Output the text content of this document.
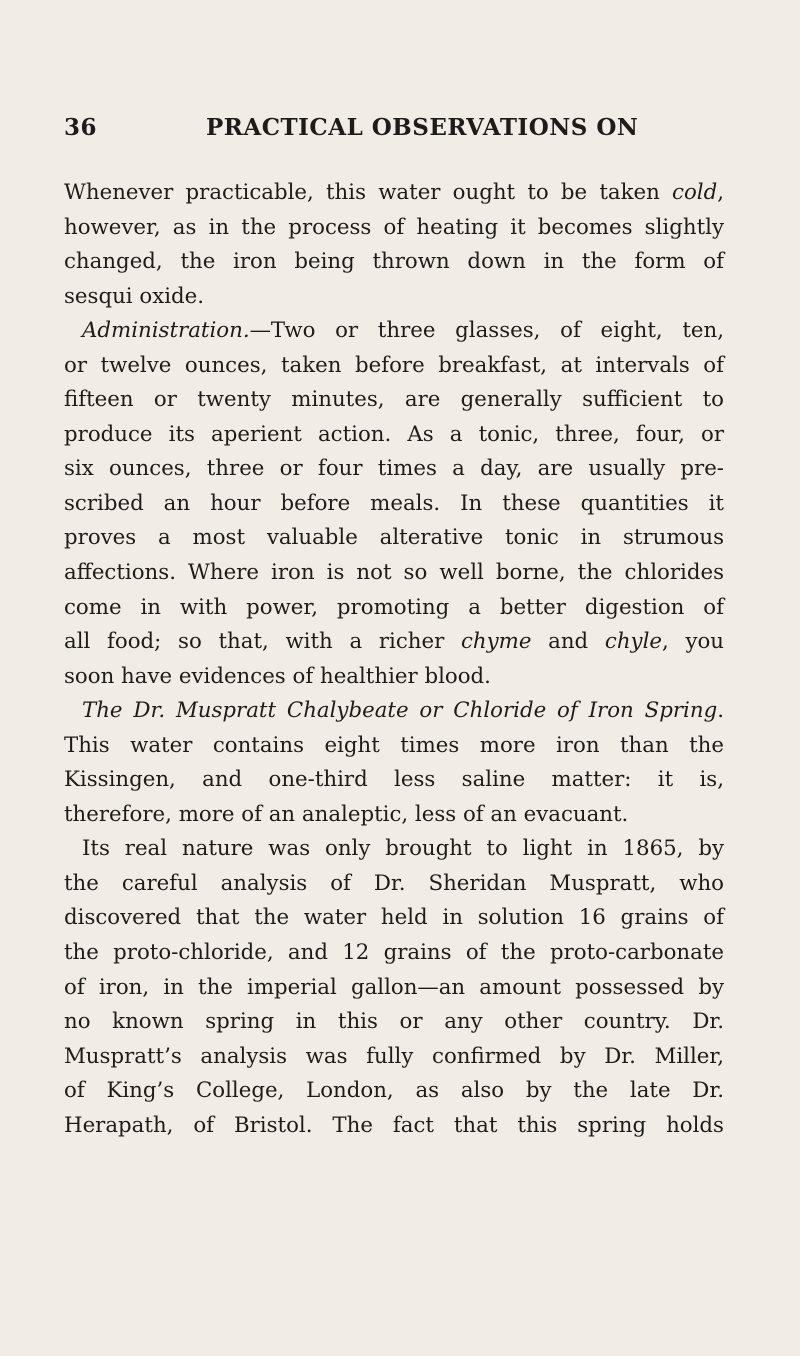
36	PRACTICAL OBSERVATIONS ON
Whenever practicable, this water ought to be taken cold,
however, as in the process of heating it becomes slightly
changed, the iron being thrown down in the form of
sesqui oxide.
Administration.—Two or three glasses, of eight, ten,
or twelve ounces, taken before breakfast, at intervals of
fifteen or twenty minutes, are generally sufficient to
produce its aperient action. As a tonic, three, four, or
six ounces, three or four times a day, are usually pre-
scribed an hour before meals. In these quantities it
proves a most valuable alterative tonic in strumous
affections. Where iron is not so well borne, the chlorides
come in with power, promoting a better digestion of
all food; so that, with a richer chyme and chyle, you
soon have evidences of healthier blood.
The Dr. Muspratt Chalybeate or Chloride of Iron Spring.
This water contains eight times more iron than the
Kissingen, and one-third less saline matter: it is,
therefore, more of an analeptic, less of an evacuant.
Its real nature was only brought to light in 1865, by
the careful analysis of Dr. Sheridan Muspratt, who
discovered that the water held in solution 16 grains of
the proto-chloride, and 12 grains of the proto-carbonate
of iron, in the imperial gallon—an amount possessed by
no known spring in this or any other country. Dr.
Muspratt’s analysis was fully confirmed by Dr. Miller,
of King’s College, London, as also by the late Dr.
Herapath, of Bristol. The fact that this spring holds
